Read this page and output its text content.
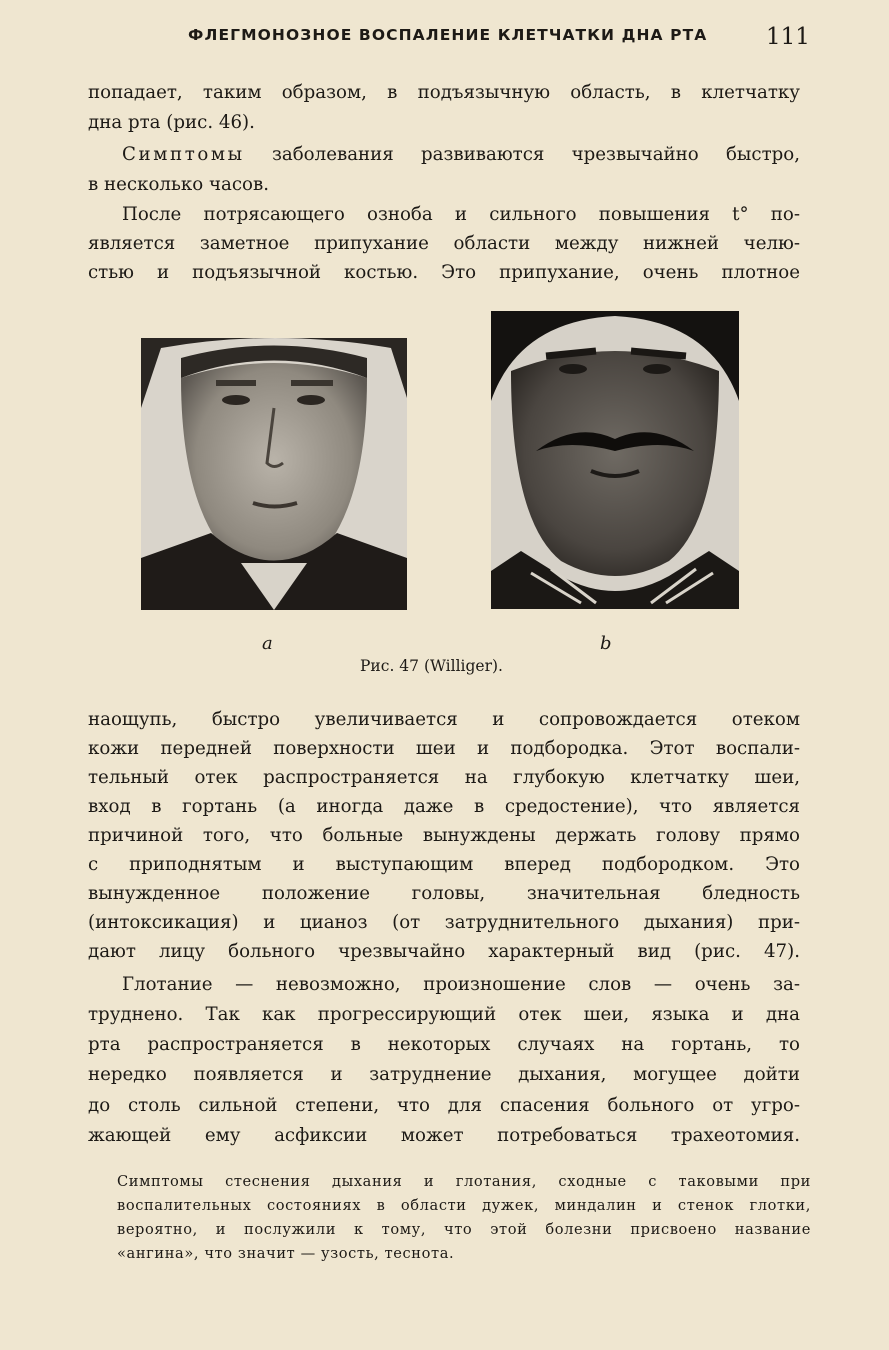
ФЛЕГМОНОЗНОЕ ВОСПАЛЕНИЕ КЛЕТЧАТКИ ДНА РТА	111

попадает, таким образом, в подъязычную область, в клетчатку

дна рта (рис. 46).

Симптомы заболевания развиваются чрезвычайно быстро,

в несколько часов.

После потрясающего озноба и сильного повышения t° по-

является заметное припухание области между нижней челю-

стью и подъязычной костью. Это припухание, очень плотное

a	b
Рис. 47 (Williger).

наощупь, быстро увеличивается и сопровождается отеком

кожи передней поверхности шеи и подбородка. Этот воспали-

тельный отек распространяется на глубокую клетчатку шеи,

вход в гортань (а иногда даже в средостение), что является

причиной того, что больные вынуждены держать голову прямо

с приподнятым и выступающим вперед подбородком. Это

вынужденное положение головы, значительная бледность

(интоксикация) и цианоз (от затруднительного дыхания) при-

дают лицу больного чрезвычайно характерный вид (рис. 47).

Глотание — невозможно, произношение слов — очень за-

труднено. Так как прогрессирующий отек шеи, языка и дна

рта распространяется в некоторых случаях на гортань, то

нередко появляется и затруднение дыхания, могущее дойти

до столь сильной степени, что для спасения больного от угро-

жающей ему асфиксии может потребоваться трахеотомия.

Симптомы стеснения дыхания и глотания, сходные с таковыми при

воспалительных состояниях в области дужек, миндалин и стенок глотки,

вероятно, и послужили к тому, что этой болезни присвоено название

«ангина», что значит — узость, теснота.
